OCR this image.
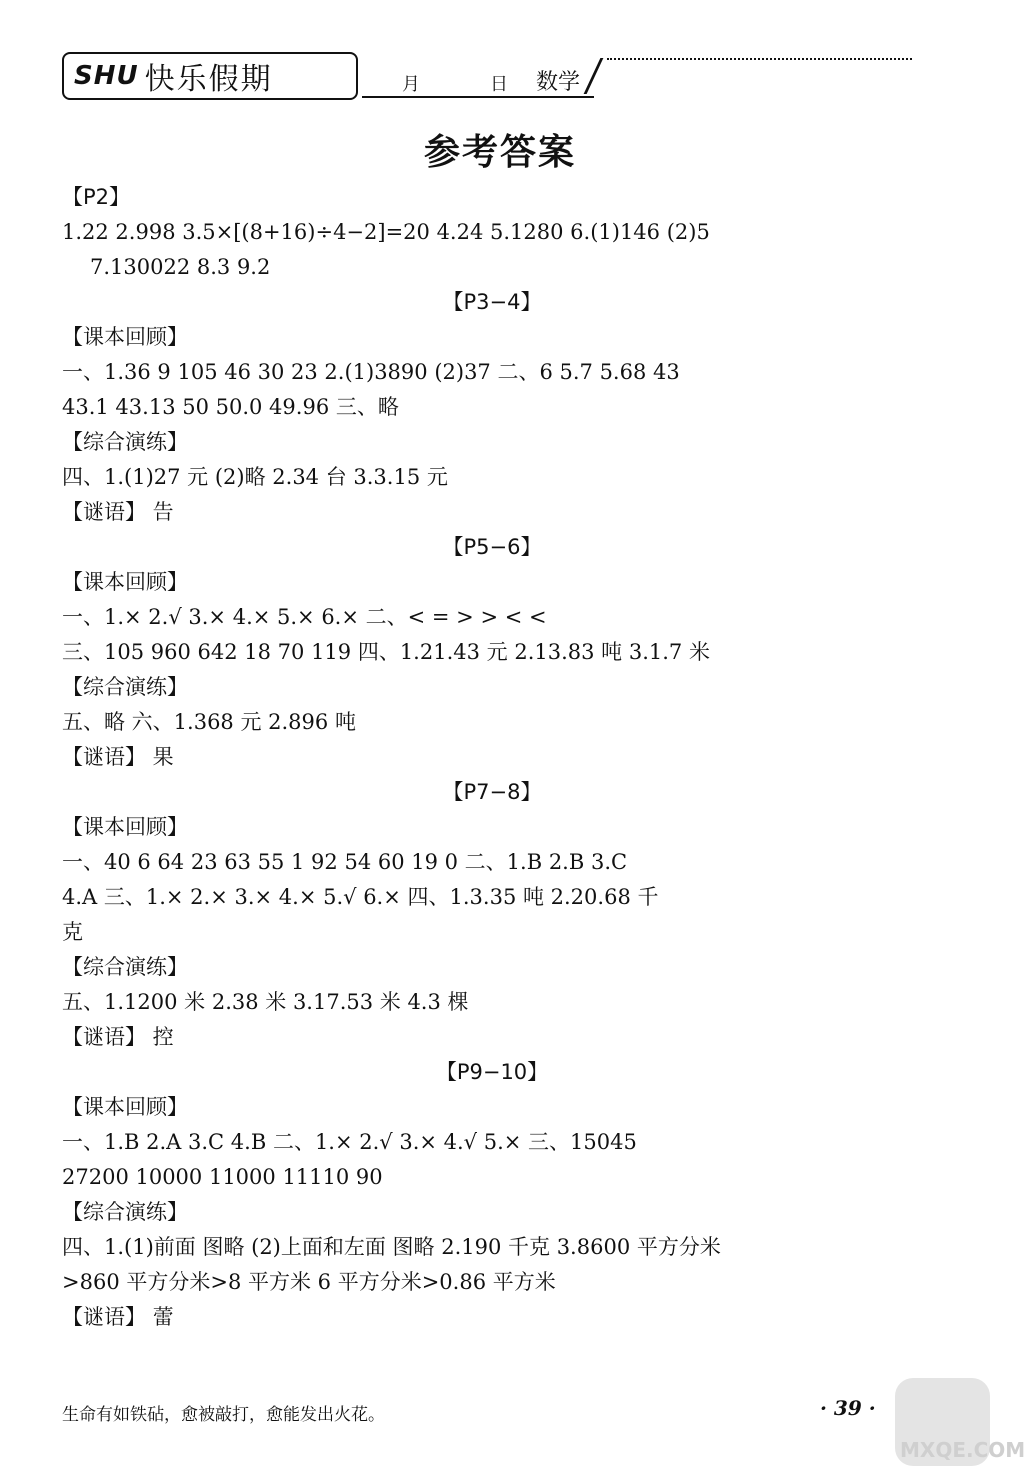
SHU 快乐假期	月	日 数学
参考答案
【P2】
1.22 2.998 3.5×[(8+16)÷4−2]=20 4.24 5.1280 6.(1)146 (2)5
7.130022 8.3 9.2
【P3−4】
【课本回顾】
一、1.36 9 105 46 30 23 2.(1)3890 (2)37 二、6 5.7 5.68 43
43.1 43.13 50 50.0 49.96 三、略
【综合演练】
四、1.(1)27 元 (2)略 2.34 台 3.3.15 元
【谜语】 告
【P5−6】
【课本回顾】
一、1.× 2.√ 3.× 4.× 5.× 6.× 二、< = > > < <
三、105 960 642 18 70 119 四、1.21.43 元 2.13.83 吨 3.1.7 米
【综合演练】
五、略 六、1.368 元 2.896 吨
【谜语】 果
【P7−8】
【课本回顾】
一、40 6 64 23 63 55 1 92 54 60 19 0 二、1.B 2.B 3.C
4.A 三、1.× 2.× 3.× 4.× 5.√ 6.× 四、1.3.35 吨 2.20.68 千
克
【综合演练】
五、1.1200 米 2.38 米 3.17.53 米 4.3 棵
【谜语】 控
【P9−10】
【课本回顾】
一、1.B 2.A 3.C 4.B 二、1.× 2.√ 3.× 4.√ 5.× 三、15045
27200 10000 11000 11110 90
【综合演练】
四、1.(1)前面 图略 (2)上面和左面 图略 2.190 千克 3.8600 平方分米
>860 平方分米>8 平方米 6 平方分米>0.86 平方米
【谜语】 蕾
生命有如铁砧，愈被敲打，愈能发出火花。	· 39 ·
MXQE.COM
